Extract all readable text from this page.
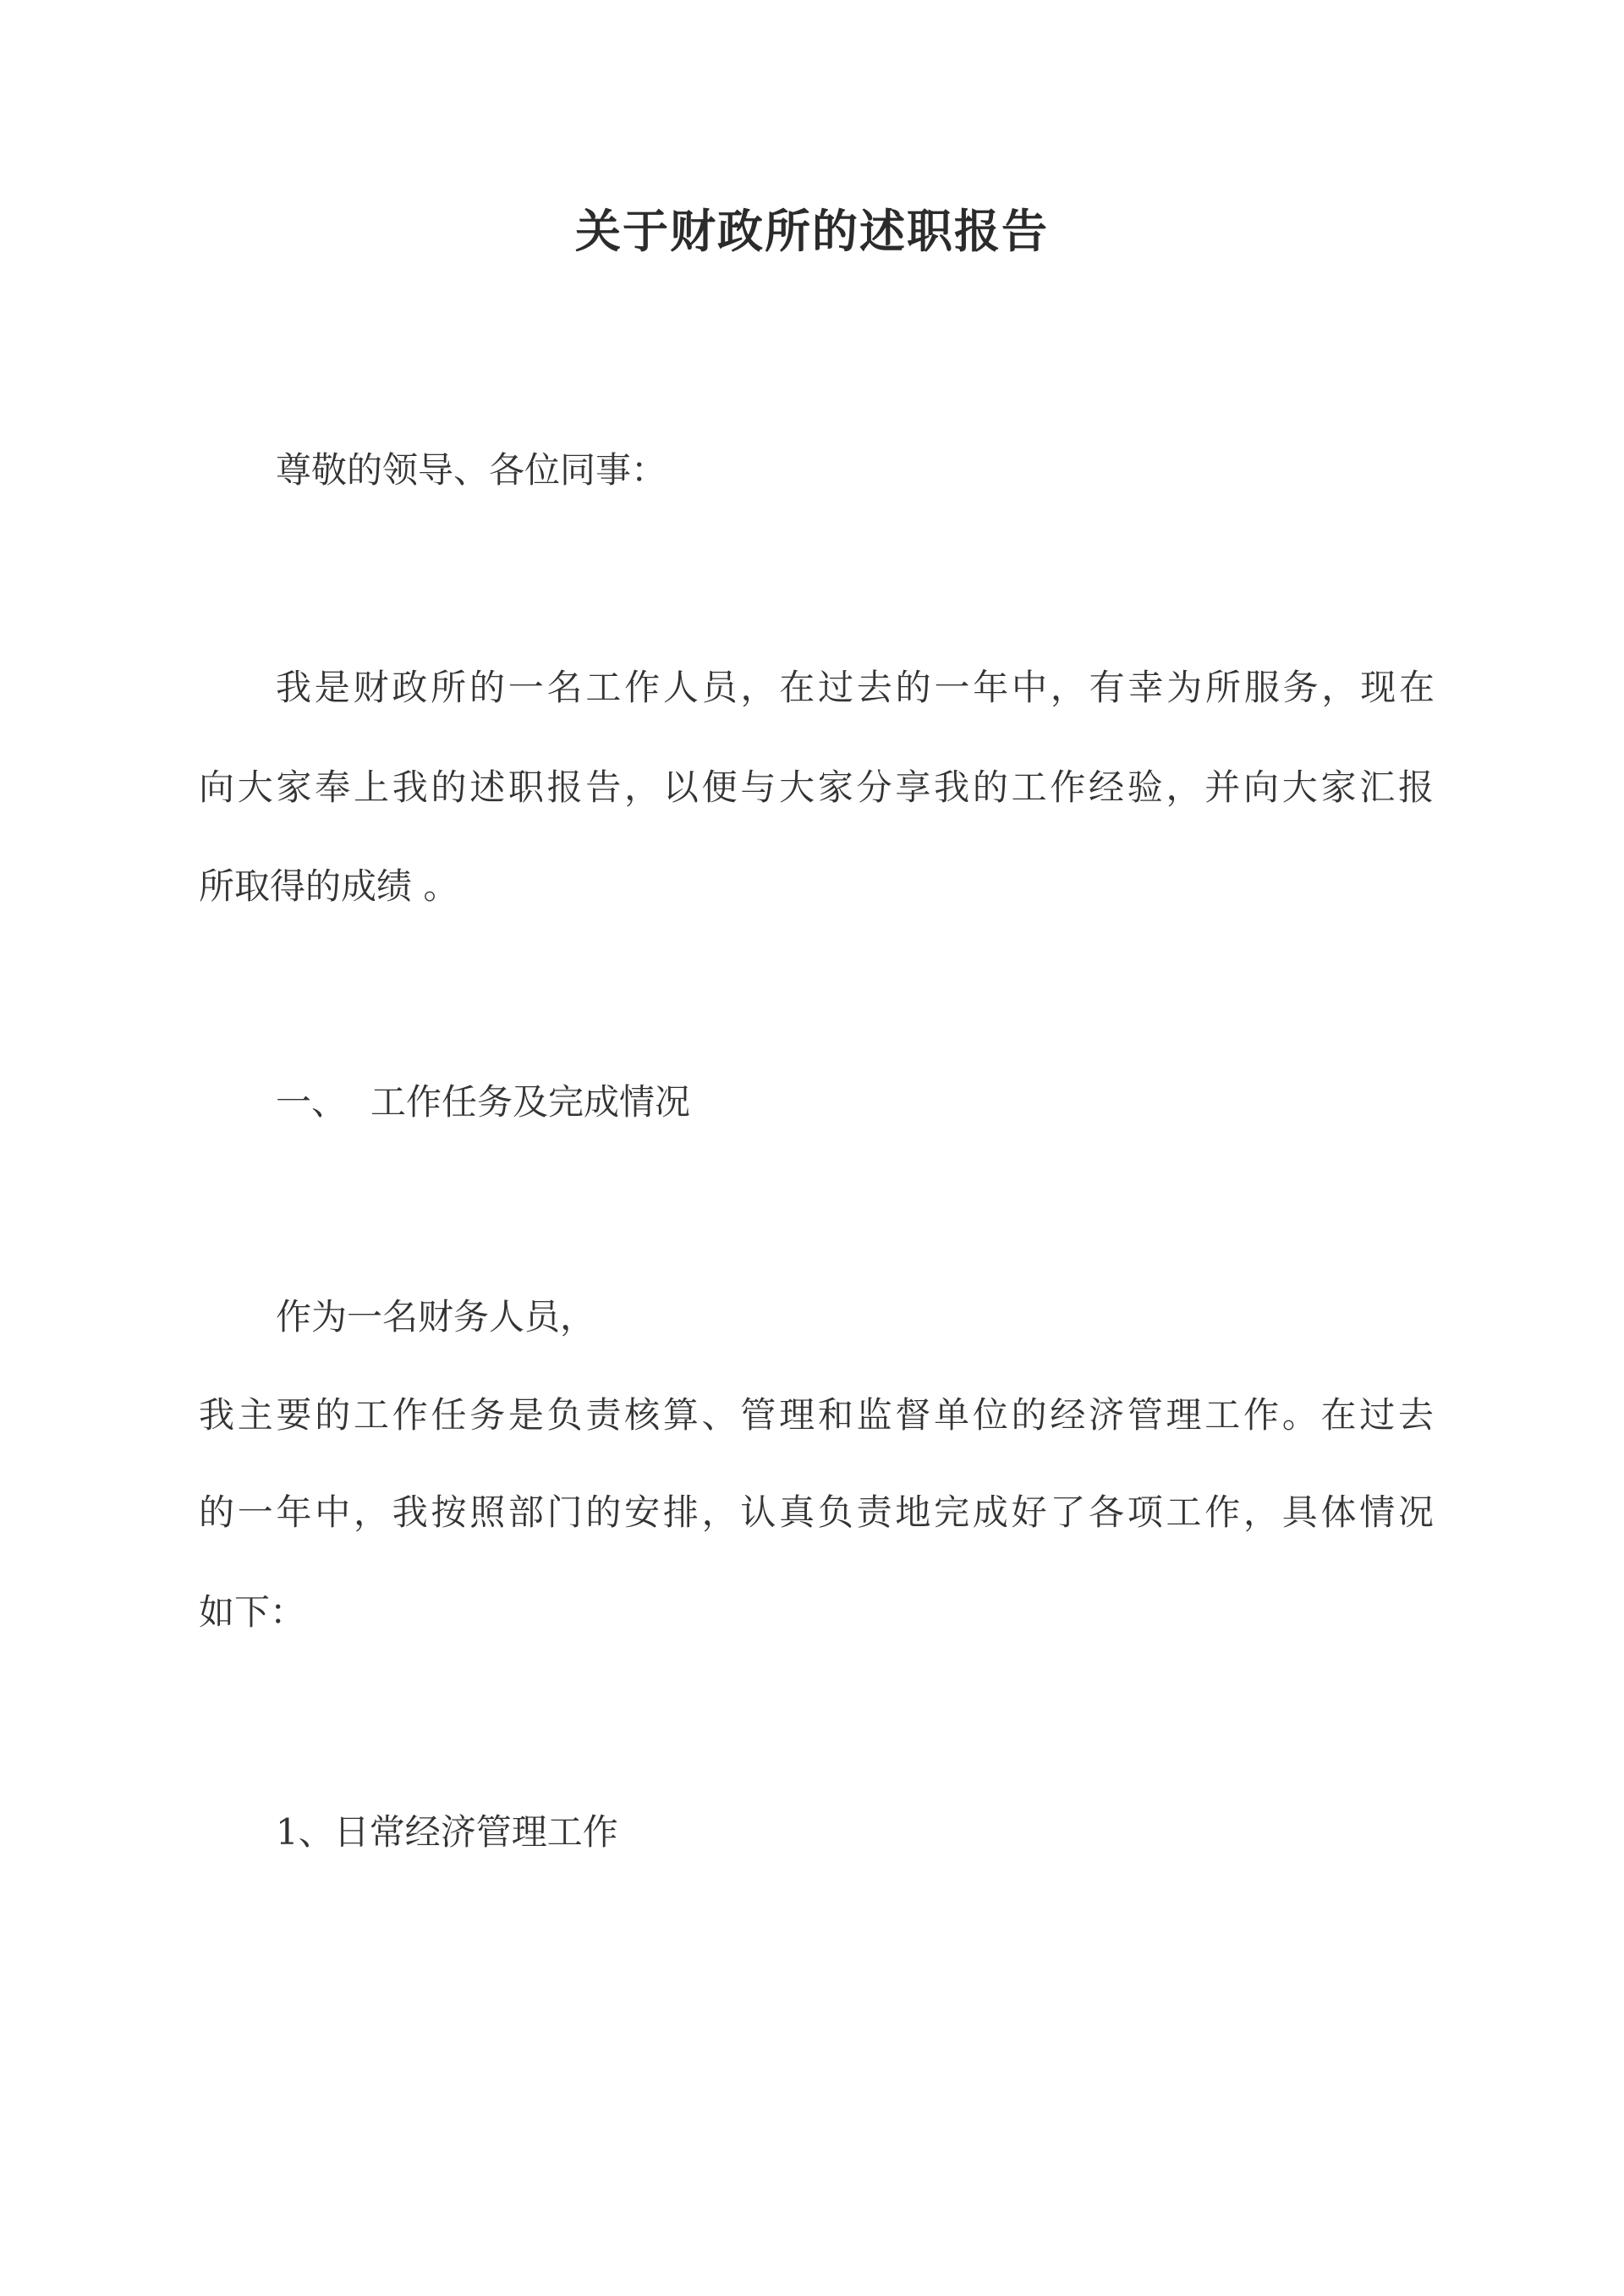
关于财政所的述职报告
尊敬的领导、各位同事：
我是财政所的一名工作人员，在过去的一年中，有幸为所服务，现在
向大家奉上我的述职报告，以便与大家分享我的工作经验，并向大家汇报
所取得的成绩 。
一、 工作任务及完成情况
作为一名财务人员，
我主要的工作任务是负责核算、管理和监督单位的经济管理工作。在过去
的一年中，我按照部门的安排，认真负责地完成好了各项工作，具体情况
如下：
1、日常经济管理工作
